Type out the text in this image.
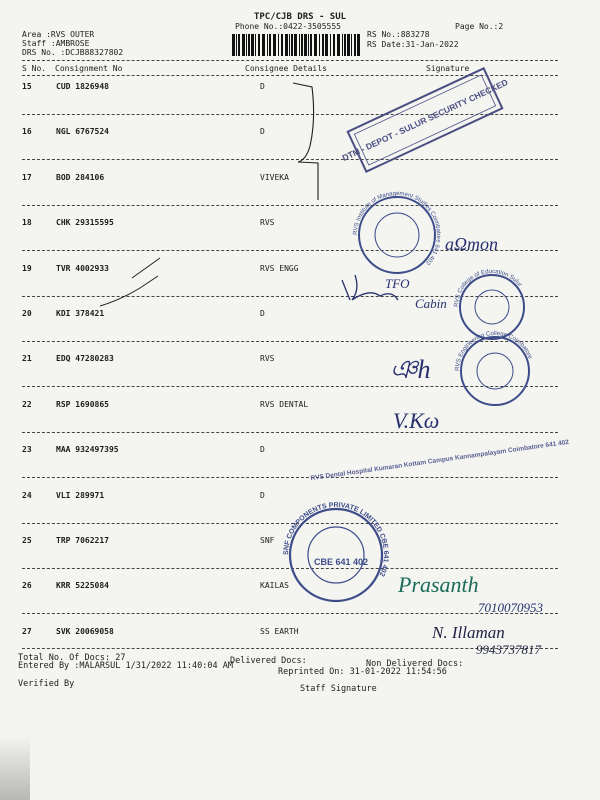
TPC/CJB DRS - SUL
Phone No.:0422-3505555	Page No.:2
Area :RVS OUTER
Staff :AMBROSE
DRS No. :DCJB88327802
RS No.:883278
RS Date:31-Jan-2022
S No. Consignment No	Consignee Details	Signature
15	CUD 1826948	D
16	NGL 6767524	D
17	BOD 284106	VIVEKA
18	CHK 29315595	RVS
19	TVR 4002933	RVS ENGG
20	KDI 378421	D
21	EDQ 47280283	RVS
22	RSP 1690865	RVS DENTAL
23	MAA 932497395	D
24	VLI 289971	D
25	TRP 7062217	SNF
26	KRR 5225084	KAILAS
27	SVK 20069058	SS EARTH
Total No. Of Docs: 27	Delivered Docs:	Non Delivered Docs:
Entered By :MALARSUL 1/31/2022 11:40:04 AM
Reprinted On: 31-01-2022 11:54:56
Verified By	Staff Signature
DTM - DEPOT - SULUR SECURITY CHECKED
RVS Institute of Management Studies Coimbatore 641 402
aΩmon
TFO
Cabin RVS College of Education Sulur
ঞh	RVS Engineering College Coimbatore
V.Kω
RVS Dental Hospital Kumaran Kottam Campus Kannampalayam Coimbatore 641 402
SNF COMPONENTS PRIVATE LIMITED CBE 641 402
CBE 641 402
Prasanth
7010070953
N. Illaman
9943737817
